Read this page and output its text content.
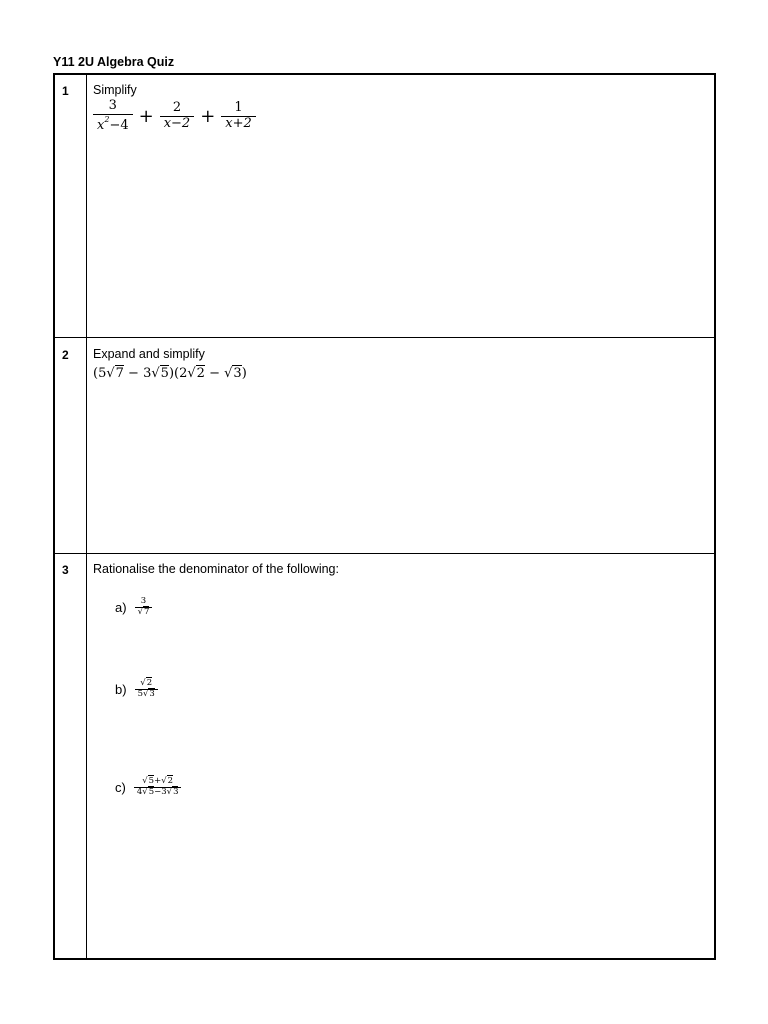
Y11 2U Algebra Quiz
1 Simplify
$\frac{3}{x^2-4} + \frac{2}{x-2} + \frac{1}{x+2}$
2 Expand and simplify
(5√7 − 3√5)(2√2 − √3)
3 Rationalise the denominator of the following:
$a) \frac{3}{√7}$
$b) \frac{√2}{5√3}$
$c) \frac{√5+√2}{4√5-3√3}$
